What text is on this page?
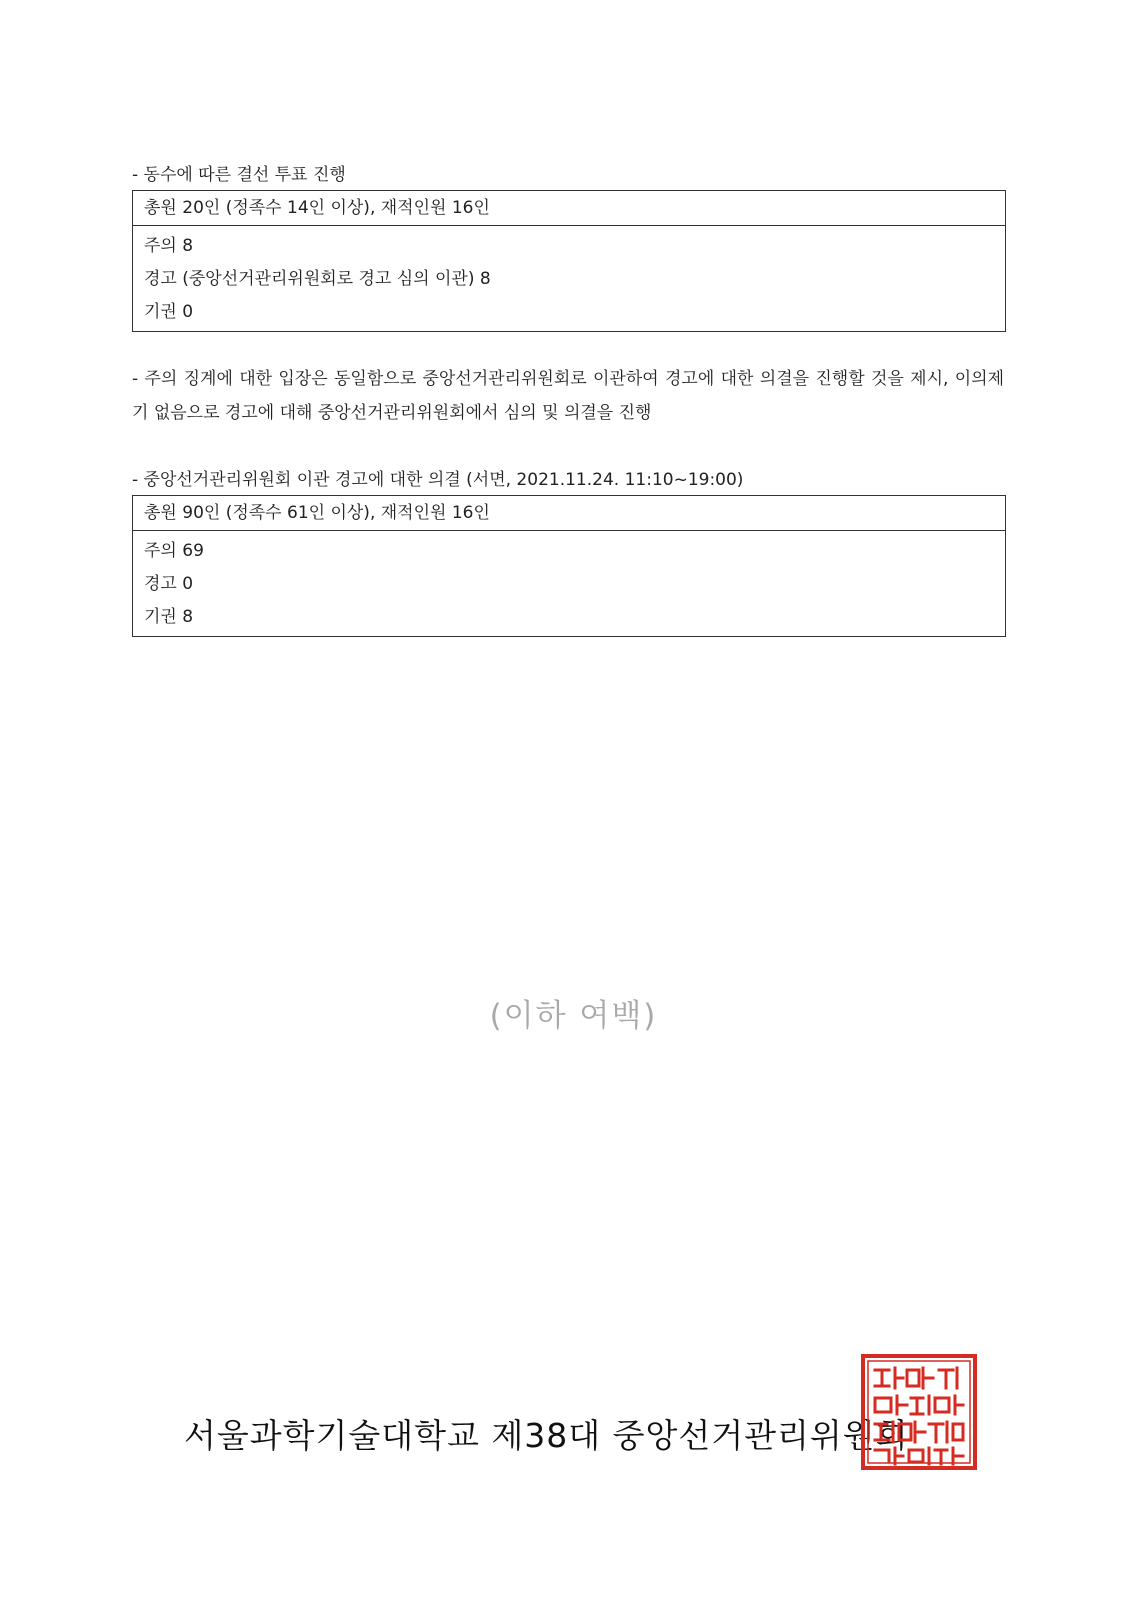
- 동수에 따른 결선 투표 진행
총원 20인 (정족수 14인 이상), 재적인원 16인
주의 8
경고 (중앙선거관리위원회로 경고 심의 이관) 8
기권 0
- 주의 징계에 대한 입장은 동일함으로 중앙선거관리위원회로 이관하여 경고에 대한 의결을 진행할 것을 제시, 이의제기 없음으로 경고에 대해 중앙선거관리위원회에서 심의 및 의결을 진행
- 중앙선거관리위원회 이관 경고에 대한 의결 (서면, 2021.11.24. 11:10~19:00)
총원 90인 (정족수 61인 이상), 재적인원 16인
주의 69
경고 0
기권 8
(이하 여백)
서울과학기술대학교 제38대 중앙선거관리위원회
